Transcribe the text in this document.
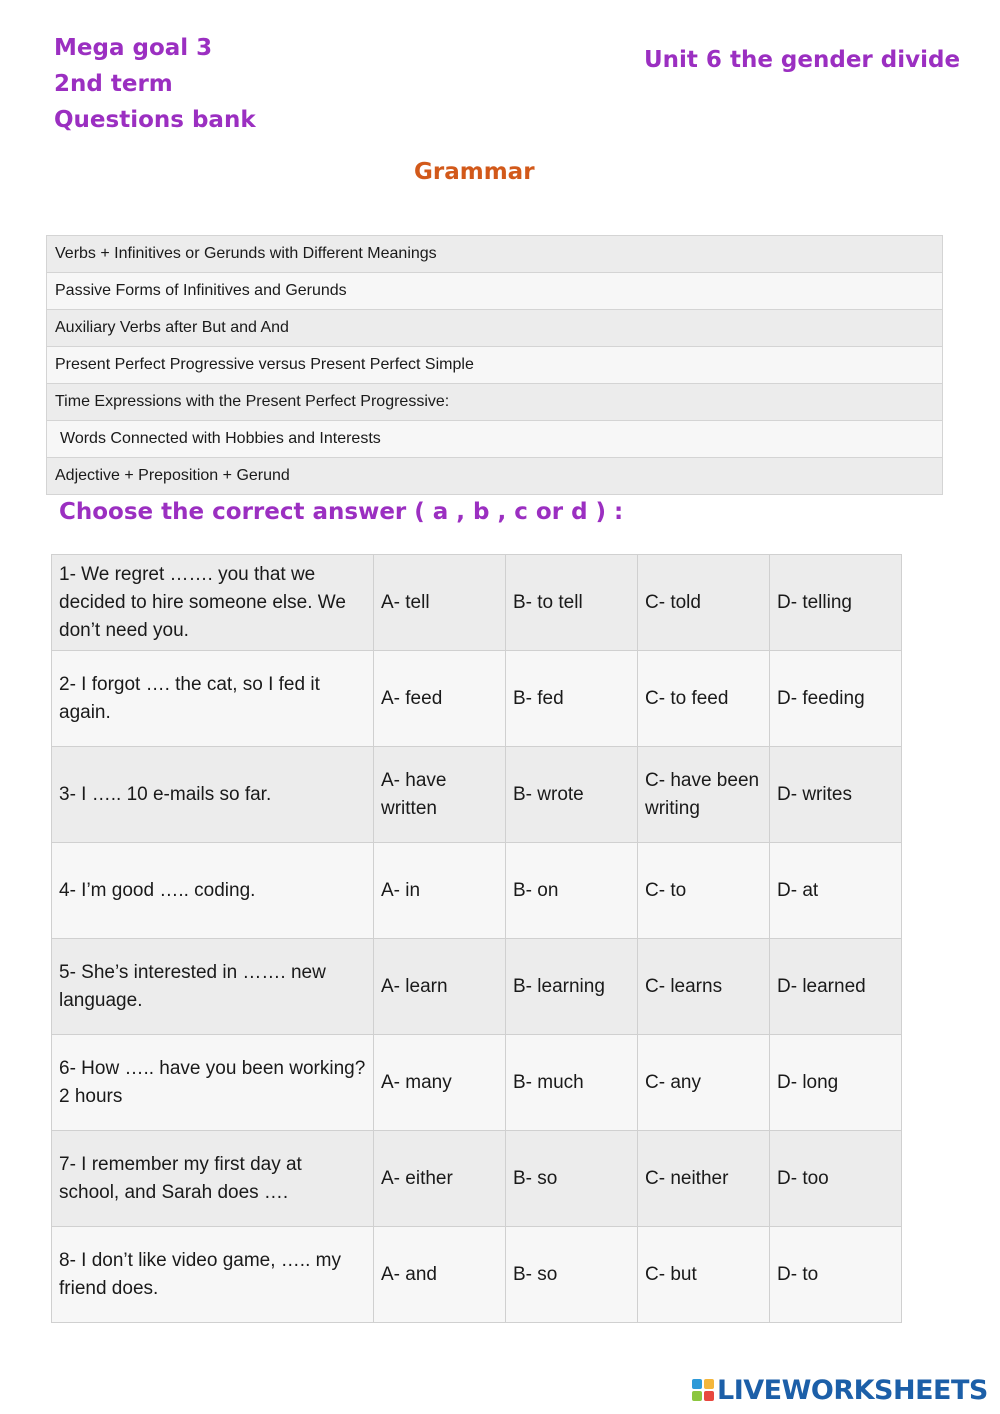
Mega goal 3
2nd term
Questions bank
Unit 6 the gender divide
Grammar
Verbs + Infinitives or Gerunds with Different Meanings
Passive Forms of Infinitives and Gerunds
Auxiliary Verbs after But and And
Present Perfect Progressive versus Present Perfect Simple
Time Expressions with the Present Perfect Progressive:
Words Connected with Hobbies and Interests
Adjective + Preposition + Gerund
Choose the correct answer ( a , b , c or d ) :
1- We regret ……. you that we decided to hire someone else. We don’t need you.	A- tell	B- to tell	C- told	D- telling
2- I forgot …. the cat, so I fed it again.	A- feed	B- fed	C- to feed	D- feeding
3- I ….. 10 e-mails so far.	A- have written	B- wrote	C- have been writing	D- writes
4- I’m good ….. coding.	A- in	B- on	C- to	D- at
5- She’s interested in ……. new language.	A- learn	B- learning	C- learns	D- learned
6- How ….. have you been working? 2 hours	A- many	B- much	C- any	D- long
7- I remember my first day at school, and Sarah does ….	A- either	B- so	C- neither	D- too
8- I don’t like video game, ….. my friend does.	A- and	B- so	C- but	D- to
LIVEWORKSHEETS
